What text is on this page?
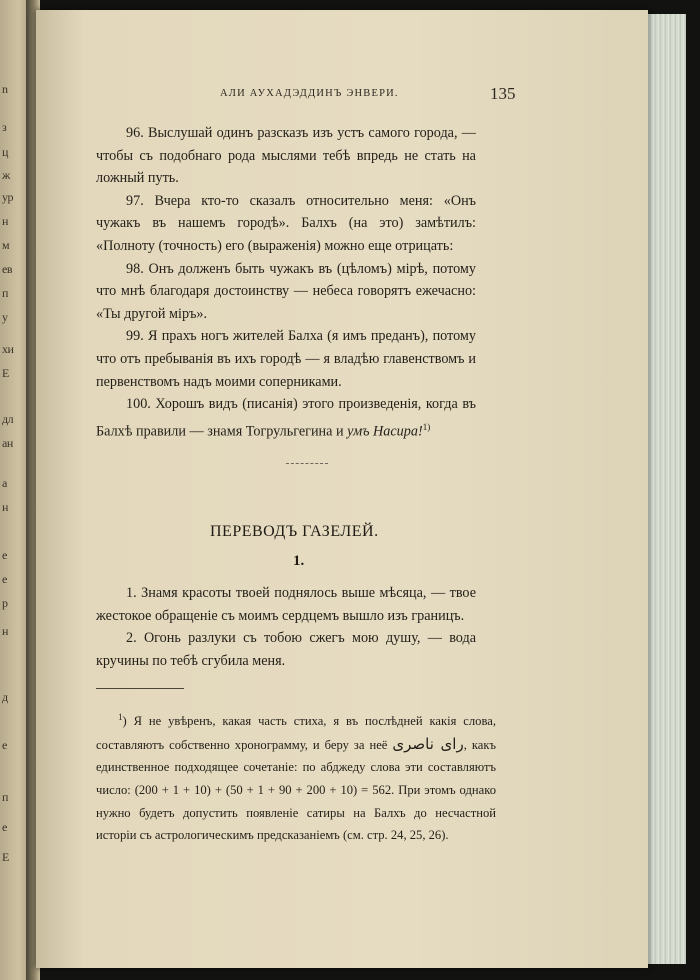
n
з
ц
ж
ур
н
м
ев
п
у
хи
Е
дл
ан
а
н
е
е
р
н
д
е
п
е
Е
АЛИ АУХАДЭДДИНЪ ЭНВЕРИ.	135

96. Выслушай одинъ разсказъ изъ устъ самого города, — чтобы съ подобнаго рода мыслями тебѣ впредь не стать на ложный путь.

97. Вчера кто-то сказалъ относительно меня: «Онъ чужакъ въ нашемъ городѣ». Балхъ (на это) замѣтилъ: «Полноту (точность) его (выраженія) можно еще отрицать:

98. Онъ долженъ быть чужакъ въ (цѣломъ) мірѣ, потому что мнѣ благодаря достоинству — небеса говорятъ ежечасно: «Ты другой міръ».

99. Я прахъ ногъ жителей Балха (я имъ преданъ), потому что отъ пребыванія въ ихъ городѣ — я владѣю главенствомъ и первенствомъ надъ моими соперниками.

100. Хорошъ видъ (писанія) этого произведенія, когда въ Балхѣ правили — знамя Тогрульгегина и умъ Насира!$^{1)}$

ПЕРЕВОДЪ ГАЗЕЛЕЙ.
1.

1. Знамя красоты твоей поднялось выше мѣсяца, — твое жестокое обращеніе съ моимъ сердцемъ вышло изъ границъ.

2. Огонь разлуки съ тобою сжегъ мою душу, — вода кручины по тебѣ сгубила меня.

$^1$) Я не увѣренъ, какая часть стиха, я въ послѣдней какія слова, составляютъ собственно хронограмму, и беру за неё راى ناصرى, какъ единственное подходящее сочетаніе: по абджеду слова эти составляютъ число: (200 + 1 + 10) + (50 + 1 + 90 + 200 + 10) = 562. При этомъ однако нужно будетъ допустить появленіе сатиры на Балхъ до несчастной исторіи съ астрологическимъ предсказаніемъ (см. стр. 24, 25, 26).
